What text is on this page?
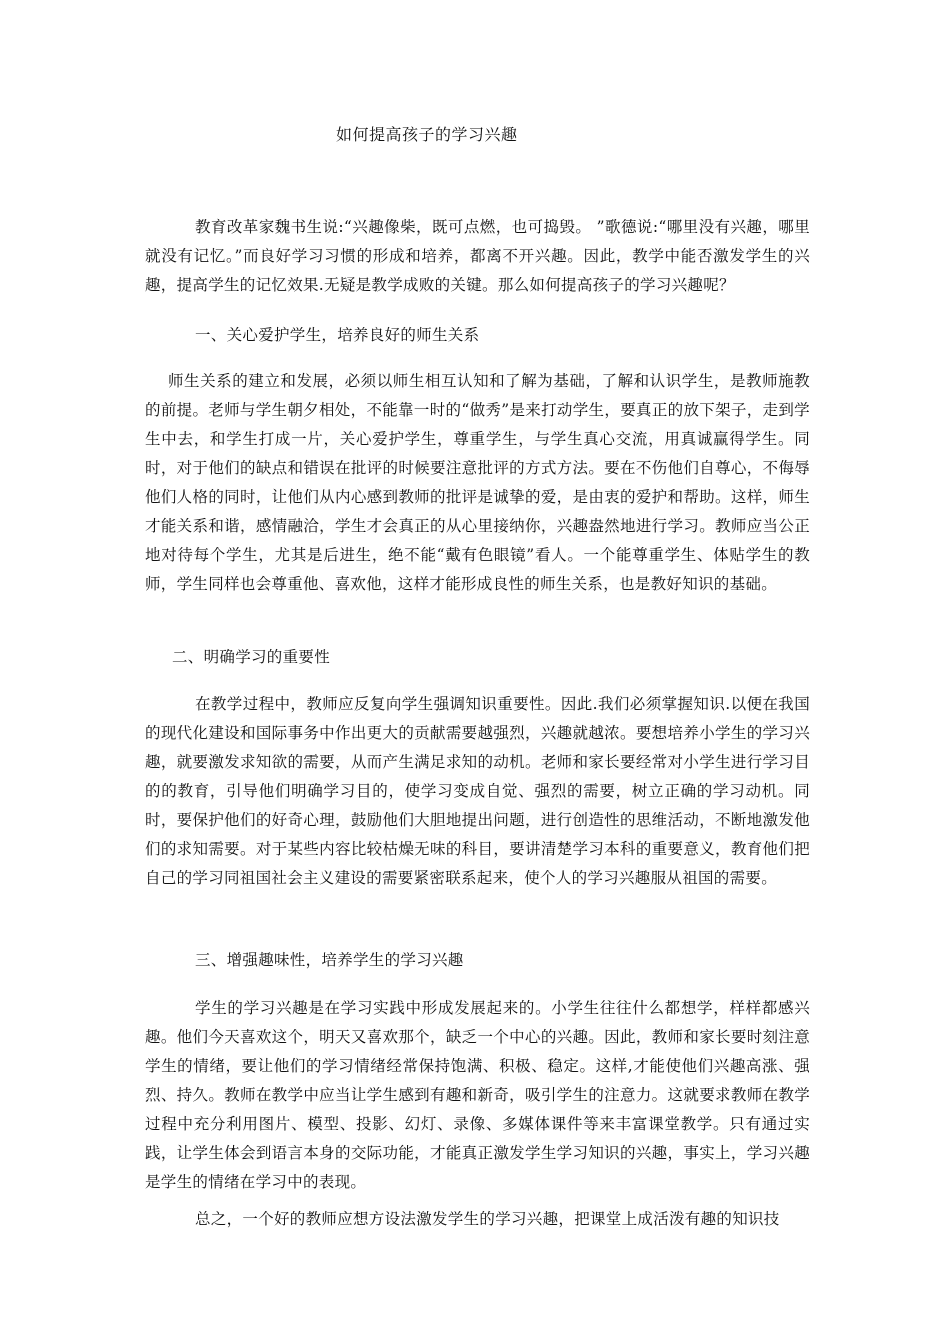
如何提高孩子的学习兴趣
教育改革家魏书生说:“兴趣像柴，既可点燃，也可捣毁。 ”歌德说:“哪里没有兴趣，哪里就没有记忆。”而良好学习习惯的形成和培养，都离不开兴趣。因此，教学中能否激发学生的兴趣，提高学生的记忆效果.无疑是教学成败的关键。那么如何提高孩子的学习兴趣呢？
一、关心爱护学生，培养良好的师生关系
师生关系的建立和发展，必须以师生相互认知和了解为基础，了解和认识学生，是教师施教的前提。老师与学生朝夕相处，不能靠一时的“做秀”是来打动学生，要真正的放下架子，走到学生中去，和学生打成一片，关心爱护学生，尊重学生，与学生真心交流，用真诚赢得学生。同时，对于他们的缺点和错误在批评的时候要注意批评的方式方法。要在不伤他们自尊心，不侮辱他们人格的同时，让他们从内心感到教师的批评是诚挚的爱，是由衷的爱护和帮助。这样，师生才能关系和谐，感情融洽，学生才会真正的从心里接纳你，兴趣盎然地进行学习。教师应当公正地对待每个学生，尤其是后进生，绝不能“戴有色眼镜”看人。一个能尊重学生、体贴学生的教师，学生同样也会尊重他、喜欢他，这样才能形成良性的师生关系，也是教好知识的基础。
二、明确学习的重要性
在教学过程中，教师应反复向学生强调知识重要性。因此.我们必须掌握知识.以便在我国的现代化建设和国际事务中作出更大的贡献需要越强烈，兴趣就越浓。要想培养小学生的学习兴趣，就要激发求知欲的需要，从而产生满足求知的动机。老师和家长要经常对小学生进行学习目的的教育，引导他们明确学习目的，使学习变成自觉、强烈的需要，树立正确的学习动机。同时，要保护他们的好奇心理，鼓励他们大胆地提出问题，进行创造性的思维活动，不断地激发他们的求知需要。对于某些内容比较枯燥无味的科目，要讲清楚学习本科的重要意义，教育他们把自己的学习同祖国社会主义建设的需要紧密联系起来，使个人的学习兴趣服从祖国的需要。
三、增强趣味性，培养学生的学习兴趣
学生的学习兴趣是在学习实践中形成发展起来的。小学生往往什么都想学，样样都感兴趣。他们今天喜欢这个，明天又喜欢那个，缺乏一个中心的兴趣。因此，教师和家长要时刻注意学生的情绪，要让他们的学习情绪经常保持饱满、积极、稳定。这样,才能使他们兴趣高涨、强烈、持久。教师在教学中应当让学生感到有趣和新奇，吸引学生的注意力。这就要求教师在教学过程中充分利用图片、模型、投影、幻灯、录像、多媒体课件等来丰富课堂教学。只有通过实践，让学生体会到语言本身的交际功能，才能真正激发学生学习知识的兴趣，事实上，学习兴趣是学生的情绪在学习中的表现。
总之，一个好的教师应想方设法激发学生的学习兴趣，把课堂上成活泼有趣的知识技
